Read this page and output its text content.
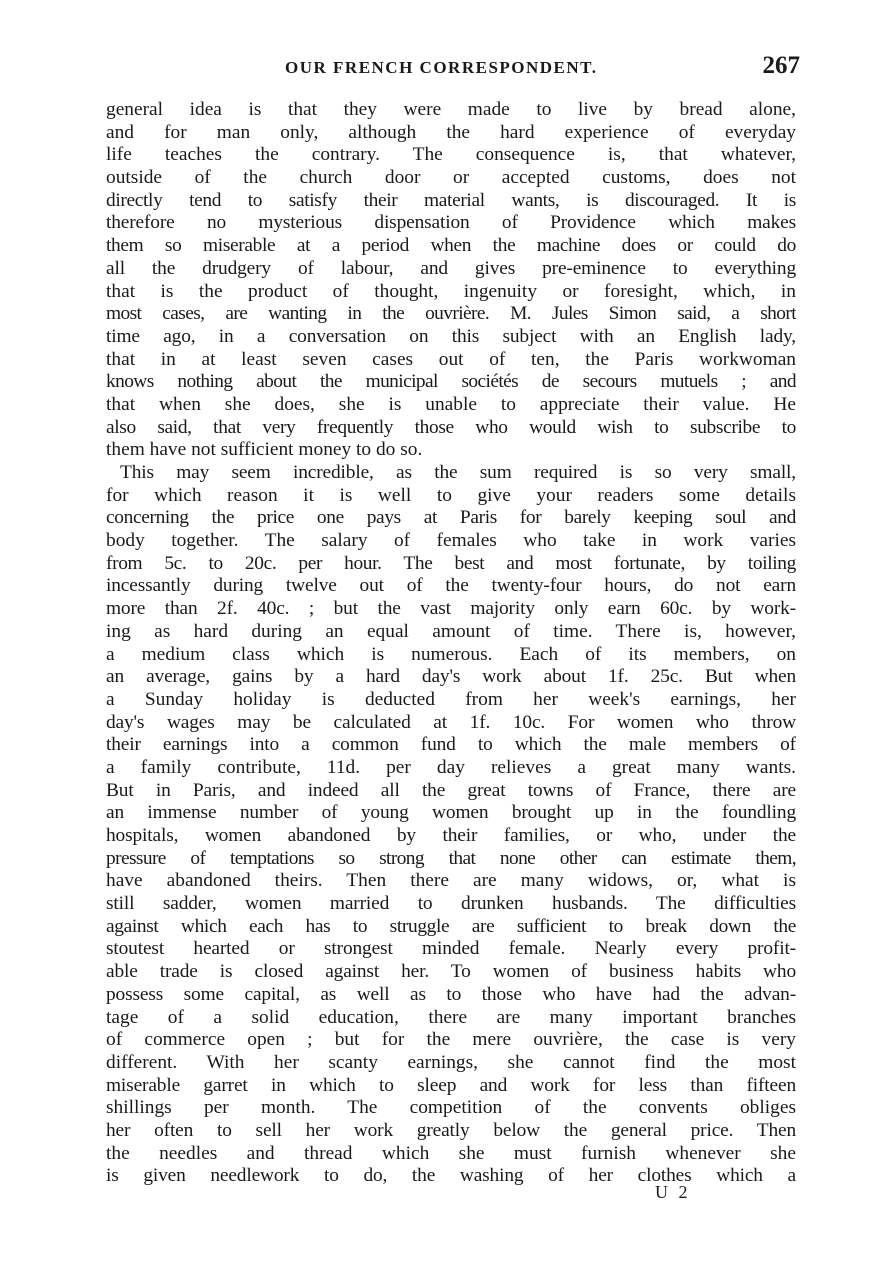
OUR FRENCH CORRESPONDENT.	267
general idea is that they were made to live by bread alone,
and for man only, although the hard experience of everyday
life teaches the contrary. The consequence is, that whatever,
outside of the church door or accepted customs, does not
directly tend to satisfy their material wants, is discouraged. It is
therefore no mysterious dispensation of Providence which makes
them so miserable at a period when the machine does or could do
all the drudgery of labour, and gives pre-eminence to everything
that is the product of thought, ingenuity or foresight, which, in
most cases, are wanting in the ouvrière. M. Jules Simon said, a short
time ago, in a conversation on this subject with an English lady,
that in at least seven cases out of ten, the Paris workwoman
knows nothing about the municipal sociétés de secours mutuels ; and
that when she does, she is unable to appreciate their value. He
also said, that very frequently those who would wish to subscribe to
them have not sufficient money to do so.
This may seem incredible, as the sum required is so very small,
for which reason it is well to give your readers some details
concerning the price one pays at Paris for barely keeping soul and
body together. The salary of females who take in work varies
from 5c. to 20c. per hour. The best and most fortunate, by toiling
incessantly during twelve out of the twenty-four hours, do not earn
more than 2f. 40c. ; but the vast majority only earn 60c. by work-
ing as hard during an equal amount of time. There is, however,
a medium class which is numerous. Each of its members, on
an average, gains by a hard day's work about 1f. 25c. But when
a Sunday holiday is deducted from her week's earnings, her
day's wages may be calculated at 1f. 10c. For women who throw
their earnings into a common fund to which the male members of
a family contribute, 11d. per day relieves a great many wants.
But in Paris, and indeed all the great towns of France, there are
an immense number of young women brought up in the foundling
hospitals, women abandoned by their families, or who, under the
pressure of temptations so strong that none other can estimate them,
have abandoned theirs. Then there are many widows, or, what is
still sadder, women married to drunken husbands. The difficulties
against which each has to struggle are sufficient to break down the
stoutest hearted or strongest minded female. Nearly every profit-
able trade is closed against her. To women of business habits who
possess some capital, as well as to those who have had the advan-
tage of a solid education, there are many important branches
of commerce open ; but for the mere ouvrière, the case is very
different. With her scanty earnings, she cannot find the most
miserable garret in which to sleep and work for less than fifteen
shillings per month. The competition of the convents obliges
her often to sell her work greatly below the general price. Then
the needles and thread which she must furnish whenever she
is given needlework to do, the washing of her clothes which a
U 2
